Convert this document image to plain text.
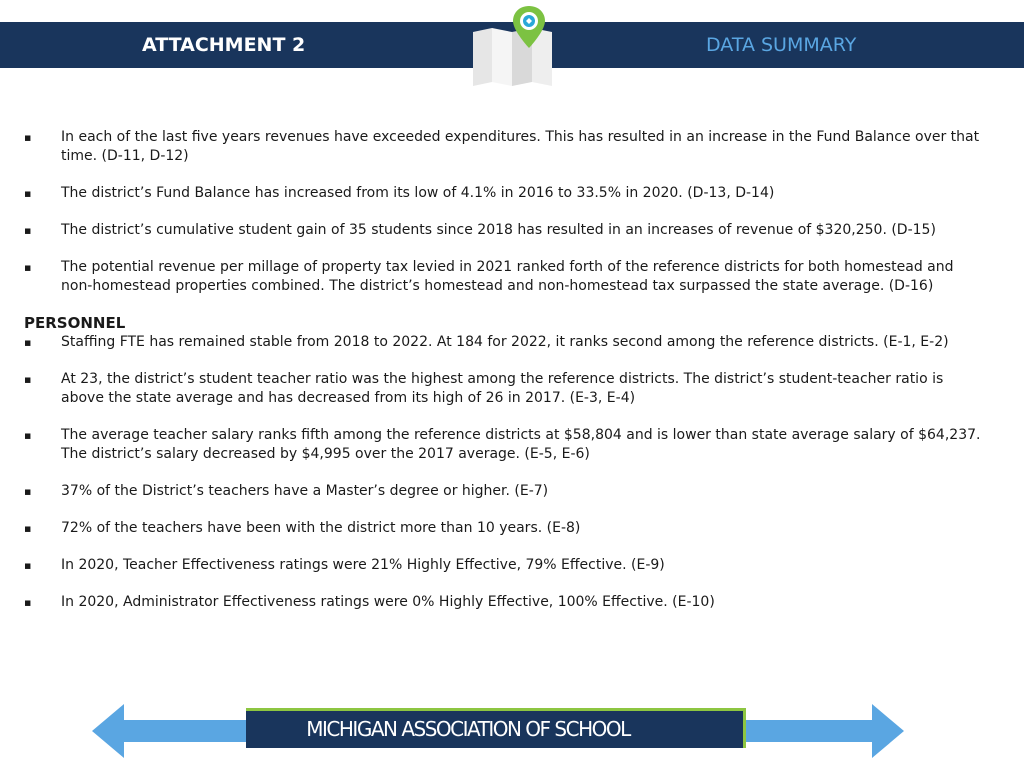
ATTACHMENT 2	DATA SUMMARY
▪ In each of the last five years revenues have exceeded expenditures. This has resulted in an increase in the Fund Balance over that time. (D-11, D-12)
▪ The district’s Fund Balance has increased from its low of 4.1% in 2016 to 33.5% in 2020. (D-13, D-14)
▪ The district’s cumulative student gain of 35 students since 2018 has resulted in an increases of revenue of $320,250. (D-15)
▪ The potential revenue per millage of property tax levied in 2021 ranked forth of the reference districts for both homestead and non-homestead properties combined. The district’s homestead and non-homestead tax surpassed the state average. (D-16)
PERSONNEL
▪ Staffing FTE has remained stable from 2018 to 2022. At 184 for 2022, it ranks second among the reference districts. (E-1, E-2)
▪ At 23, the district’s student teacher ratio was the highest among the reference districts. The district’s student-teacher ratio is above the state average and has decreased from its high of 26 in 2017. (E-3, E-4)
▪ The average teacher salary ranks fifth among the reference districts at $58,804 and is lower than state average salary of $64,237. The district’s salary decreased by $4,995 over the 2017 average. (E-5, E-6)
▪ 37% of the District’s teachers have a Master’s degree or higher. (E-7)
▪ 72% of the teachers have been with the district more than 10 years. (E-8)
▪ In 2020, Teacher Effectiveness ratings were 21% Highly Effective, 79% Effective. (E-9)
▪ In 2020, Administrator Effectiveness ratings were 0% Highly Effective, 100% Effective. (E-10)
MICHIGAN ASSOCIATION OF SCHOOL
